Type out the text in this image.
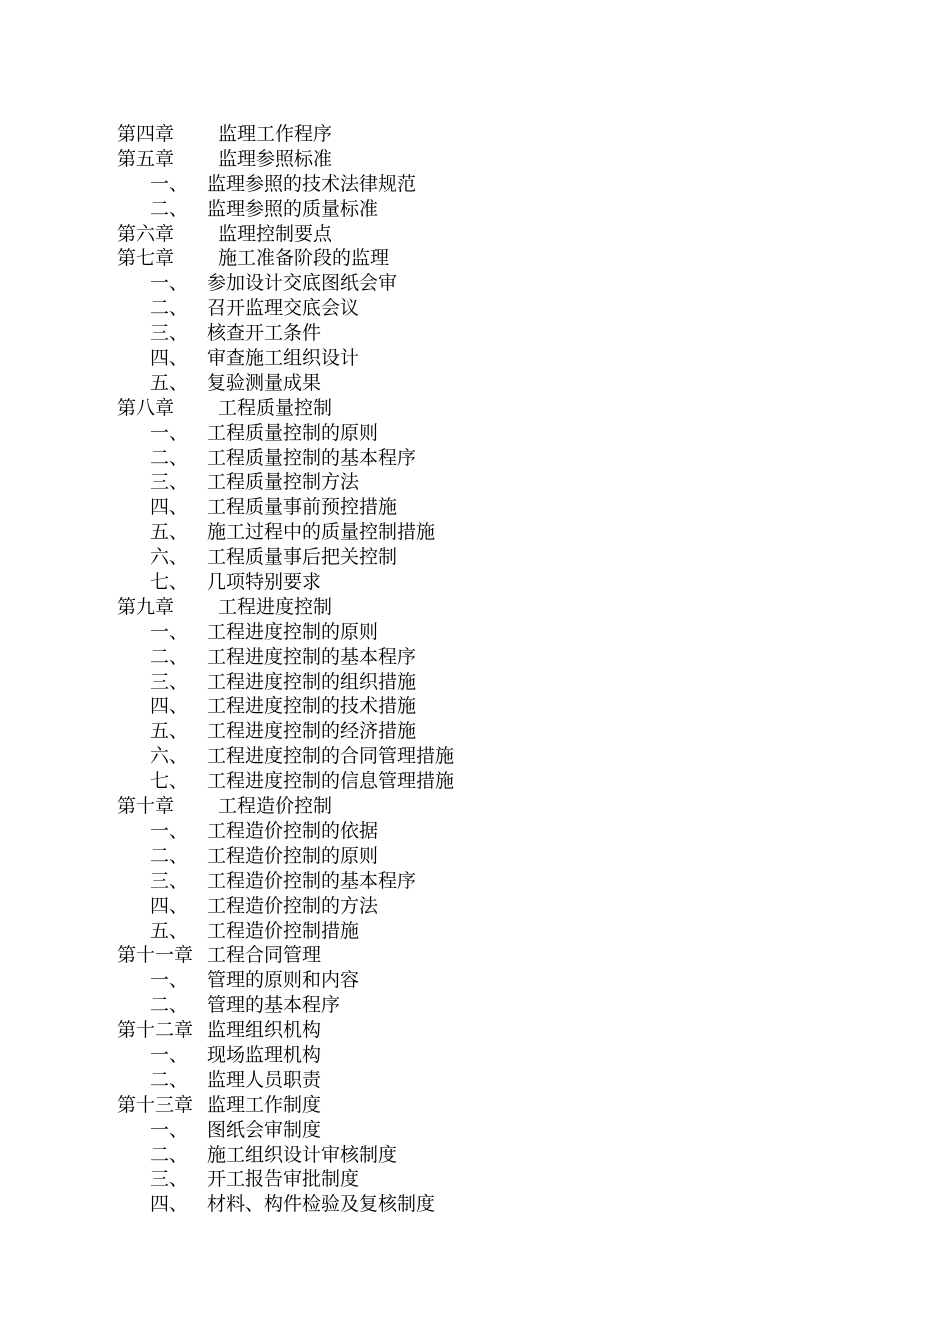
第四章	监理工作程序
第五章	监理参照标准
一、 监理参照的技术法律规范
二、 监理参照的质量标准
第六章	监理控制要点
第七章	施工准备阶段的监理
一、 参加设计交底图纸会审
二、 召开监理交底会议
三、 核查开工条件
四、 审查施工组织设计
五、 复验测量成果
第八章	工程质量控制
一、 工程质量控制的原则
二、 工程质量控制的基本程序
三、 工程质量控制方法
四、 工程质量事前预控措施
五、 施工过程中的质量控制措施
六、 工程质量事后把关控制
七、 几项特别要求
第九章	工程进度控制
一、 工程进度控制的原则
二、 工程进度控制的基本程序
三、 工程进度控制的组织措施
四、 工程进度控制的技术措施
五、 工程进度控制的经济措施
六、 工程进度控制的合同管理措施
七、 工程进度控制的信息管理措施
第十章	工程造价控制
一、 工程造价控制的依据
二、 工程造价控制的原则
三、 工程造价控制的基本程序
四、 工程造价控制的方法
五、 工程造价控制措施
第十一章 工程合同管理
一、 管理的原则和内容
二、 管理的基本程序
第十二章 监理组织机构
一、 现场监理机构
二、 监理人员职责
第十三章 监理工作制度
一、 图纸会审制度
二、 施工组织设计审核制度
三、 开工报告审批制度
四、 材料、构件检验及复核制度
